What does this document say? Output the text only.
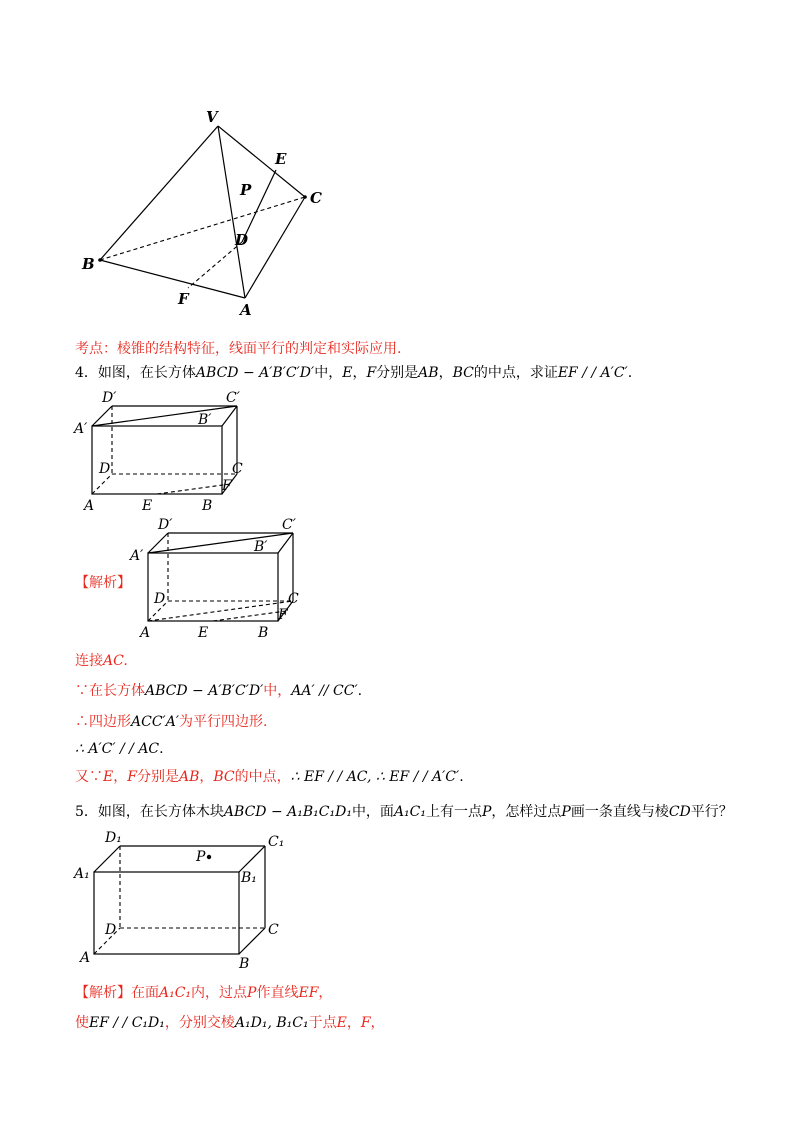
V
E
P	C
D
B
F
A
考点：棱锥的结构特征，线面平行的判定和实际应用.
4．如图，在长方体ABCD − A′B′C′D′中，E，F分别是AB，BC的中点，求证EF / / A′C′.
D′	C′
A′
B′
D	C
F
A	E	B
【解析】
D′	C′
A′
B′
D	C
F
A	E	B
连接AC.
∵在长方体ABCD − A′B′C′D′中，AA′ // CC′.
∴四边形ACC′A′为平行四边形.
∴ A′C′ / / AC.
又∵E，F分别是AB，BC的中点，∴ EF / / AC, ∴ EF / / A′C′.
5．如图，在长方体木块ABCD − A₁B₁C₁D₁中，面A₁C₁上有一点P，怎样过点P画一条直线与棱CD平行？
D₁	C₁
P
A₁	B₁
D	C
A	B
【解析】在面A₁C₁内，过点P作直线EF，
使EF / / C₁D₁，分别交棱A₁D₁, B₁C₁于点E，F，
